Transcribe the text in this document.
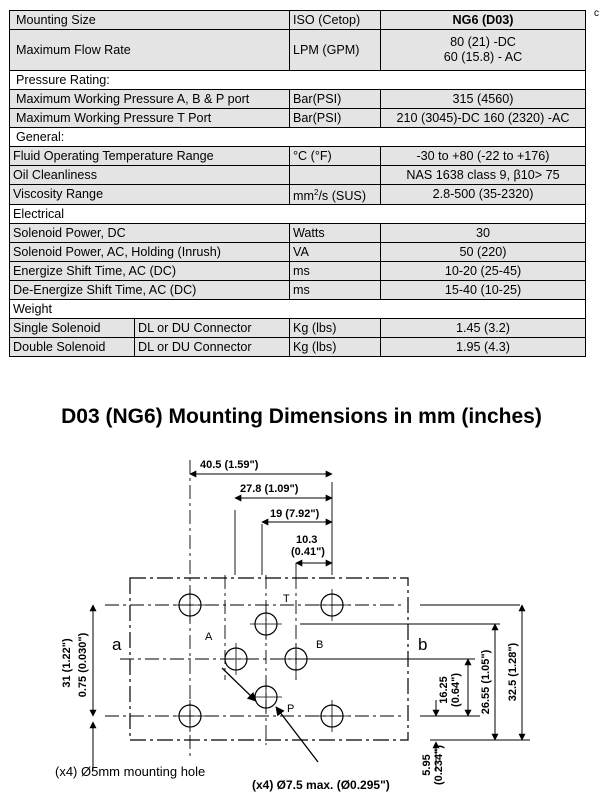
c
Mounting Size		ISO (Cetop)	NG6 (D03)
Maximum Flow Rate		LPM (GPM)	80 (21) -DC
60 (15.8) - AC

Pressure Rating:			
Maximum Working Pressure A, B & P port		Bar(PSI)	315 (4560)
Maximum Working Pressure T Port		Bar(PSI)	210 (3045)-DC 160 (2320) -AC
General:			
Fluid Operating Temperature Range		°C (°F)	-30 to +80 (-22 to +176)
Oil Cleanliness			NAS 1638 class 9, β10> 75
Viscosity Range		$mm^2/s$ (SUS)	2.8-500 (35-2320)
Electrical			
Solenoid Power, DC		Watts	30
Solenoid Power, AC, Holding (Inrush)		VA	50 (220)
Energize Shift Time, AC (DC)		ms	10-20 (25-45)
De-Energize Shift Time, AC (DC)		ms	15-40 (10-25)
Weight			
Single Solenoid	DL or DU Connector	Kg (lbs)	1.45 (3.2)
Double Solenoid	DL or DU Connector	Kg (lbs)	1.95 (4.3)
D03 (NG6) Mounting Dimensions in mm (inches)
40.5 (1.59")
27.8 (1.09")
19 (7.92")
10.3
(0.41")
31 (1.22") 0.75 (0.030")	16.25 (0.64") 26.55 (1.05") 32.5 (1.28")
5.95 (0.234")
A
B
T
P
a	b
(x4) Ø5mm mounting hole
(x4) Ø7.5 max. (Ø0.295")
